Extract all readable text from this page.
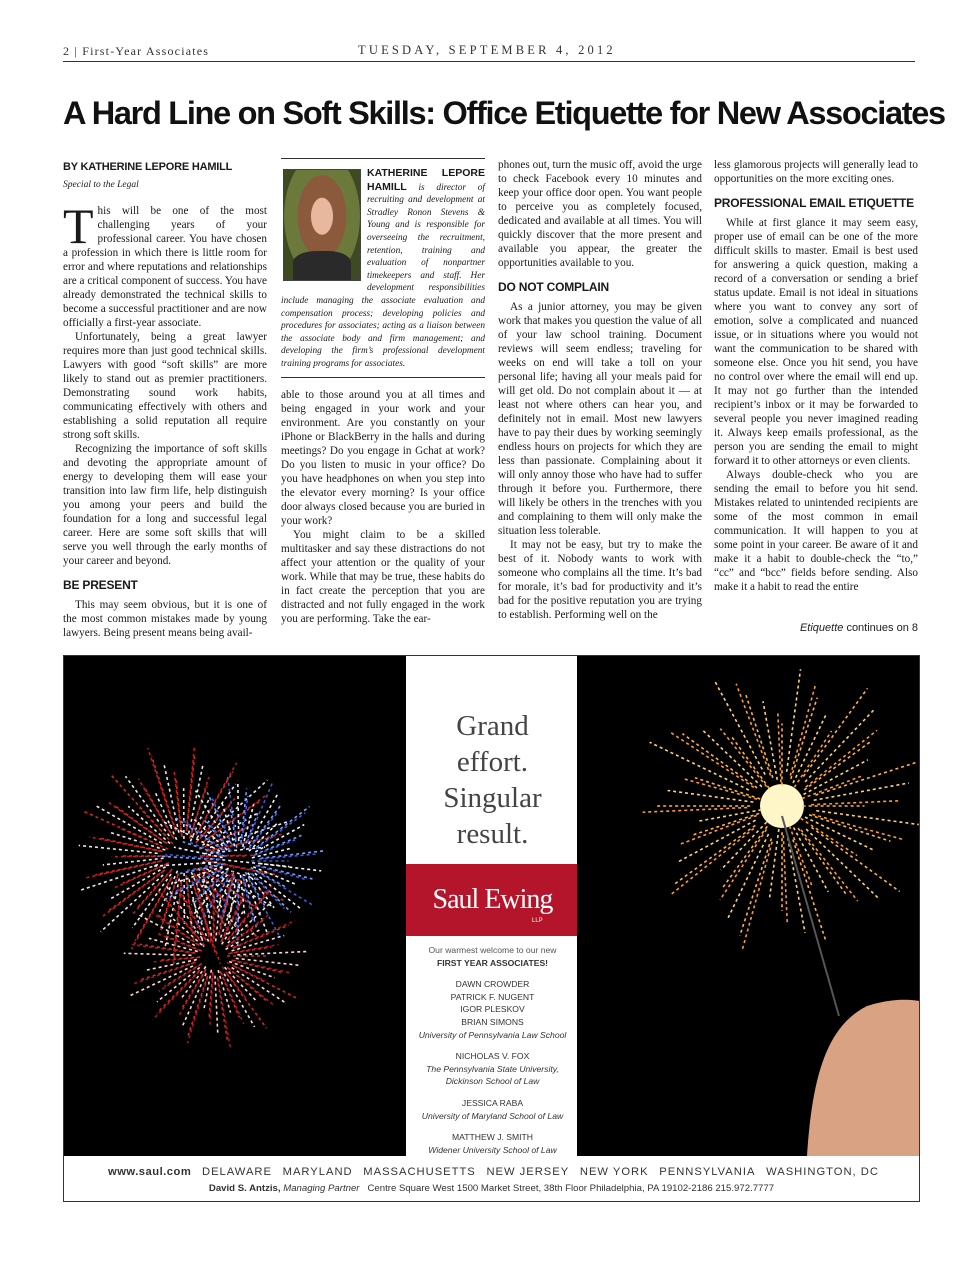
2 | First-Year Associates	TUESDAY, SEPTEMBER 4, 2012
A Hard Line on Soft Skills: Office Etiquette for New Associates
BY KATHERINE LEPORE HAMILL
Special to the Legal

This will be one of the most challenging years of your professional career. You have chosen a profession in which there is little room for error and where reputations and relationships are a critical component of success. You have already demonstrated the technical skills to become a successful practitioner and are now officially a first-year associate.

Unfortunately, being a great lawyer requires more than just good technical skills. Lawyers with good “soft skills” are more likely to stand out as premier practitioners. Demonstrating sound work habits, communicating effectively with others and establishing a solid reputation all require strong soft skills.

Recognizing the importance of soft skills and devoting the appropriate amount of energy to developing them will ease your transition into law firm life, help distinguish you among your peers and build the foundation for a long and successful legal career. Here are some soft skills that will serve you well through the early months of your career and beyond.

BE PRESENT

This may seem obvious, but it is one of the most common mistakes made by young lawyers. Being present means being avail-

KATHERINE LEPORE HAMILL is director of recruiting and development at Stradley Ronon Stevens & Young and is responsible for overseeing the recruitment, retention, training and evaluation of nonpartner timekeepers and staff. Her development responsibilities include managing the associate evaluation and compensation process; developing policies and procedures for associates; acting as a liaison between the associate body and firm management; and developing the firm’s professional development training programs for associates.

able to those around you at all times and being engaged in your work and your environment. Are you constantly on your iPhone or BlackBerry in the halls and during meetings? Do you engage in Gchat at work? Do you listen to music in your office? Do you have headphones on when you step into the elevator every morning? Is your office door always closed because you are buried in your work?

You might claim to be a skilled multitasker and say these distractions do not affect your attention or the quality of your work. While that may be true, these habits do in fact create the perception that you are distracted and not fully engaged in the work you are performing. Take the ear-

phones out, turn the music off, avoid the urge to check Facebook every 10 minutes and keep your office door open. You want people to perceive you as completely focused, dedicated and available at all times. You will quickly discover that the more present and available you appear, the greater the opportunities available to you.

DO NOT COMPLAIN

As a junior attorney, you may be given work that makes you question the value of all of your law school training. Document reviews will seem endless; traveling for weeks on end will take a toll on your personal life; having all your meals paid for will get old. Do not complain about it — at least not where others can hear you, and definitely not in email. Most new lawyers have to pay their dues by working seemingly endless hours on projects for which they are less than passionate. Complaining about it will only annoy those who have had to suffer through it before you. Furthermore, there will likely be others in the trenches with you and complaining to them will only make the situation less tolerable.

It may not be easy, but try to make the best of it. Nobody wants to work with someone who complains all the time. It’s bad for morale, it’s bad for productivity and it’s bad for the positive reputation you are trying to establish. Performing well on the

less glamorous projects will generally lead to opportunities on the more exciting ones.

PROFESSIONAL EMAIL ETIQUETTE

While at first glance it may seem easy, proper use of email can be one of the more difficult skills to master. Email is best used for answering a quick question, making a record of a conversation or sending a brief status update. Email is not ideal in situations where you want to convey any sort of emotion, solve a complicated and nuanced issue, or in situations where you would not want the communication to be shared with someone else. Once you hit send, you have no control over where the email will end up. It may not go further than the intended recipient’s inbox or it may be forwarded to several people you never imagined reading it. Always keep emails professional, as the person you are sending the email to might forward it to other attorneys or even clients.

Always double-check who you are sending the email to before you hit send. Mistakes related to unintended recipients are some of the most common in email communication. It will happen to you at some point in your career. Be aware of it and make it a habit to double-check the “to,” “cc” and “bcc” fields before sending. Also make it a habit to read the entire

Etiquette continues on 8
Grand
effort.
Singular
result.
Saul Ewing
LLP
Our warmest welcome to our new
FIRST YEAR ASSOCIATES!
DAWN CROWDER
PATRICK F. NUGENT
IGOR PLESKOV
BRIAN SIMONS
University of Pennsylvania Law School
NICHOLAS V. FOX
The Pennsylvania State University,
Dickinson School of Law
JESSICA RABA
University of Maryland School of Law
MATTHEW J. SMITH
Widener University School of Law
www.saul.com DELAWARE MARYLAND MASSACHUSETTS NEW JERSEY NEW YORK PENNSYLVANIA WASHINGTON, DC
David S. Antzis, Managing Partner Centre Square West 1500 Market Street, 38th Floor Philadelphia, PA 19102-2186 215.972.7777
